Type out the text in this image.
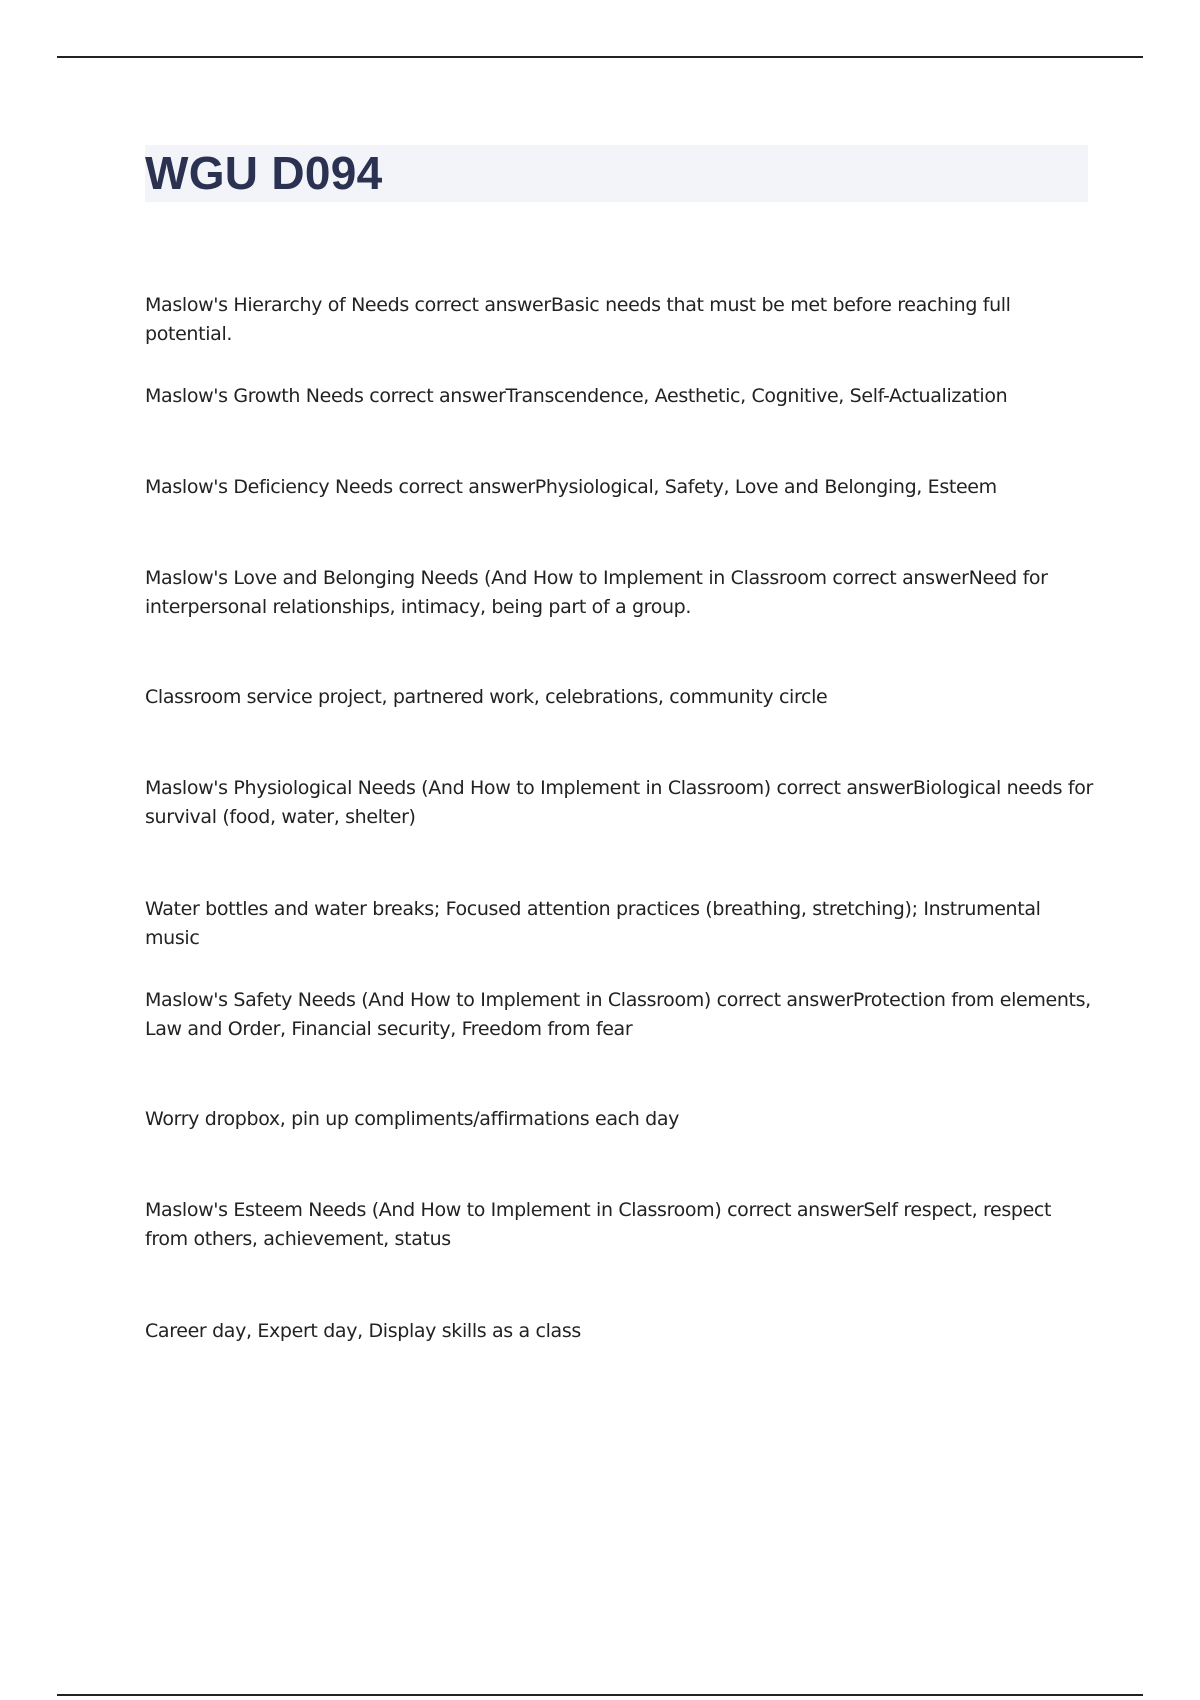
WGU D094

Maslow's Hierarchy of Needs correct answerBasic needs that must be met before reaching full potential.

Maslow's Growth Needs correct answerTranscendence, Aesthetic, Cognitive, Self-Actualization

Maslow's Deficiency Needs correct answerPhysiological, Safety, Love and Belonging, Esteem

Maslow's Love and Belonging Needs (And How to Implement in Classroom correct answerNeed for interpersonal relationships, intimacy, being part of a group.

Classroom service project, partnered work, celebrations, community circle

Maslow's Physiological Needs (And How to Implement in Classroom) correct answerBiological needs for survival (food, water, shelter)

Water bottles and water breaks; Focused attention practices (breathing, stretching); Instrumental music

Maslow's Safety Needs (And How to Implement in Classroom) correct answerProtection from elements, Law and Order, Financial security, Freedom from fear

Worry dropbox, pin up compliments/affirmations each day

Maslow's Esteem Needs (And How to Implement in Classroom) correct answerSelf respect, respect from others, achievement, status

Career day, Expert day, Display skills as a class
